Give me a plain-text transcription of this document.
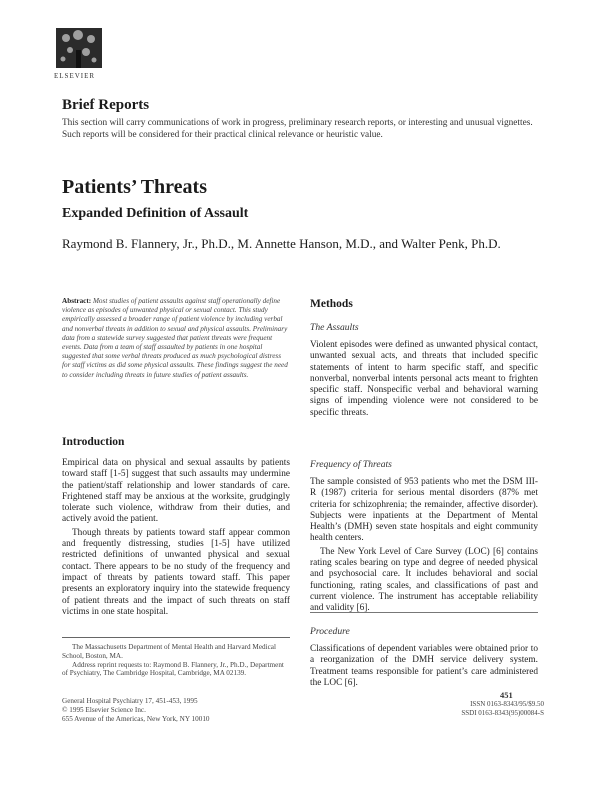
ELSEVIER
Brief Reports
This section will carry communications of work in progress, preliminary research reports, or interesting and unusual vignettes. Such reports will be considered for their practical clinical relevance or heuristic value.
Patients’ Threats
Expanded Definition of Assault
Raymond B. Flannery, Jr., Ph.D., M. Annette Hanson, M.D., and Walter Penk, Ph.D.
Abstract: Most studies of patient assaults against staff operationally define violence as episodes of unwanted physical or sexual contact. This study empirically assessed a broader range of patient violence by including verbal and nonverbal threats in addition to sexual and physical assaults. Preliminary data from a statewide survey suggested that patient threats were frequent events. Data from a team of staff assaulted by patients in one hospital suggested that some verbal threats produced as much psychological distress for staff victims as did some physical assaults. These findings suggest the need to consider including threats in future studies of patient assaults.
Introduction

Empirical data on physical and sexual assaults by patients toward staff [1-5] suggest that such assaults may undermine the patient/staff relationship and lower standards of care. Frightened staff may be anxious at the worksite, grudgingly tolerate such violence, withdraw from their duties, and actively avoid the patient.

Though threats by patients toward staff appear common and frequently distressing, studies [1-5] have utilized restricted definitions of unwanted physical and sexual contact. There appears to be no study of the frequency and impact of threats by patients toward staff. This paper presents an exploratory inquiry into the statewide frequency of patient threats and the impact of such threats on staff victims in one state hospital.

The Massachusetts Department of Mental Health and Harvard Medical School, Boston, MA.
Address reprint requests to: Raymond B. Flannery, Jr., Ph.D., Department of Psychiatry, The Cambridge Hospital, Cambridge, MA 02139.
General Hospital Psychiatry 17, 451-453, 1995
© 1995 Elsevier Science Inc.
655 Avenue of the Americas, New York, NY 10010
Methods
The Assaults

Violent episodes were defined as unwanted physical contact, unwanted sexual acts, and threats that included specific statements of intent to harm specific staff, and specific nonverbal, nonverbal intents personal acts meant to frighten specific staff. Nonspecific verbal and behavioral warning signs of impending violence were not considered to be specific threats.

Frequency of Threats

The sample consisted of 953 patients who met the DSM III-R (1987) criteria for serious mental disorders (87% met criteria for schizophrenia; the remainder, affective disorder). Subjects were inpatients at the Department of Mental Health’s (DMH) seven state hospitals and eight community health centers.

The New York Level of Care Survey (LOC) [6] contains rating scales bearing on type and degree of needed physical and psychosocial care. It includes behavioral and social functioning, rating scales, and classifications of past and current violence. The instrument has acceptable reliability and validity [6].

Procedure

Classifications of dependent variables were obtained prior to a reorganization of the DMH service delivery system. Treatment teams responsible for patient’s care administered the LOC [6].

451
ISSN 0163-8343/95/$9.50
SSDI 0163-8343(95)00084-S
